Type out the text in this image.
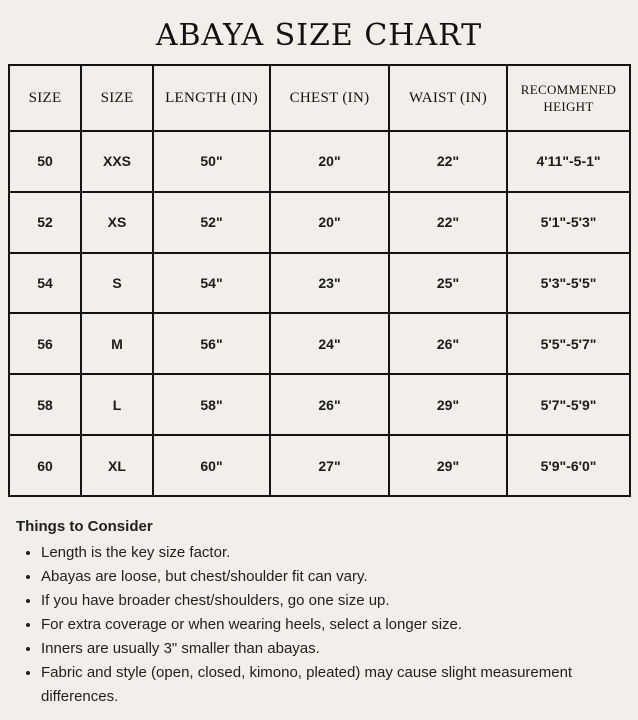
ABAYA SIZE CHART
SIZE	SIZE	LENGTH (IN)	CHEST (IN)	WAIST (IN)	RECOMMENED HEIGHT
50	XXS	50"	20"	22"	4'11"-5-1"
52	XS	52"	20"	22"	5'1"-5'3"
54	S	54"	23"	25"	5'3"-5'5"
56	M	56"	24"	26"	5'5"-5'7"
58	L	58"	26"	29"	5'7"-5'9"
60	XL	60"	27"	29"	5'9"-6'0"
Things to Consider
• Length is the key size factor.
• Abayas are loose, but chest/shoulder fit can vary.
• If you have broader chest/shoulders, go one size up.
• For extra coverage or when wearing heels, select a longer size.
• Inners are usually 3" smaller than abayas.
• Fabric and style (open, closed, kimono, pleated) may cause slight measurement differences.
